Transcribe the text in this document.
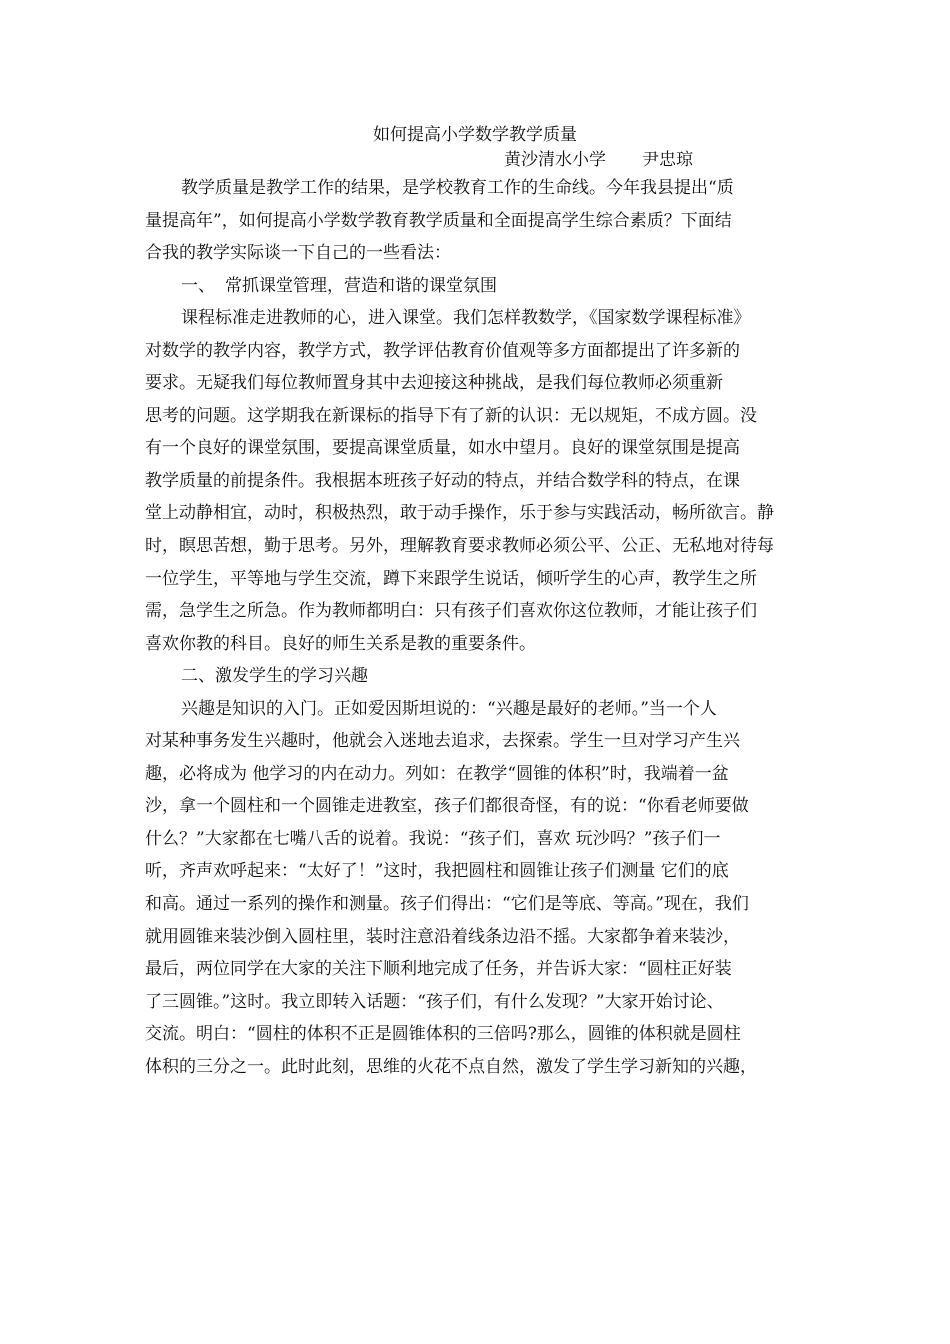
如何提高小学数学教学质量
黄沙清水小学 尹忠琼
教学质量是教学工作的结果，是学校教育工作的生命线。今年我县提出“质
量提高年”，如何提高小学数学教育教学质量和全面提高学生综合素质？下面结
合我的教学实际谈一下自己的一些看法：
一、 常抓课堂管理，营造和谐的课堂氛围
课程标准走进教师的心，进入课堂。我们怎样教数学，《国家数学课程标准》
对数学的教学内容，教学方式，教学评估教育价值观等多方面都提出了许多新的
要求。无疑我们每位教师置身其中去迎接这种挑战，是我们每位教师必须重新
思考的问题。这学期我在新课标的指导下有了新的认识：无以规矩，不成方圆。没
有一个良好的课堂氛围，要提高课堂质量，如水中望月。良好的课堂氛围是提高
教学质量的前提条件。我根据本班孩子好动的特点，并结合数学科的特点，在课
堂上动静相宜，动时，积极热烈，敢于动手操作，乐于参与实践活动，畅所欲言。静
时，瞑思苦想，勤于思考。另外，理解教育要求教师必须公平、公正、无私地对待每
一位学生，平等地与学生交流，蹲下来跟学生说话，倾听学生的心声，教学生之所
需，急学生之所急。作为教师都明白：只有孩子们喜欢你这位教师，才能让孩子们
喜欢你教的科目。良好的师生关系是教的重要条件。
二、激发学生的学习兴趣
兴趣是知识的入门。正如爱因斯坦说的：“兴趣是最好的老师。”当一个人
对某种事务发生兴趣时，他就会入迷地去追求，去探索。学生一旦对学习产生兴
趣，必将成为 他学习的内在动力。列如：在教学“圆锥的体积”时，我端着一盆
沙，拿一个圆柱和一个圆锥走进教室，孩子们都很奇怪，有的说：“你看老师要做
什么？”大家都在七嘴八舌的说着。我说：“孩子们，喜欢 玩沙吗？”孩子们一
听，齐声欢呼起来：“太好了！”这时，我把圆柱和圆锥让孩子们测量 它们的底
和高。通过一系列的操作和测量。孩子们得出：“它们是等底、等高。”现在，我们
就用圆锥来装沙倒入圆柱里，装时注意沿着线条边沿不摇。大家都争着来装沙，
最后，两位同学在大家的关注下顺利地完成了任务，并告诉大家：“圆柱正好装
了三圆锥。”这时。我立即转入话题：“孩子们，有什么发现？”大家开始讨论、
交流。明白：“圆柱的体积不正是圆锥体积的三倍吗?那么，圆锥的体积就是圆柱
体积的三分之一。此时此刻，思维的火花不点自然，激发了学生学习新知的兴趣，
